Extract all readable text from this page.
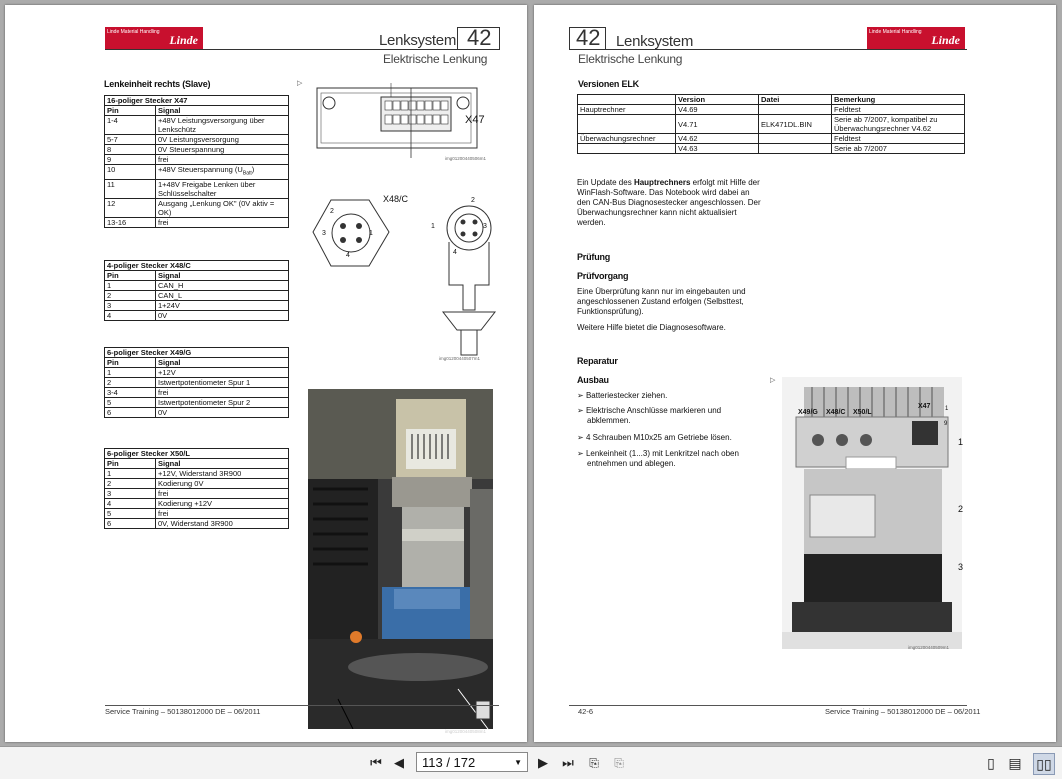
Linde Material Handling
Linde	Lenksystem 42
Elektrische Lenkung
Lenkeinheit rechts (Slave)	▷
16-poliger Stecker X47	
Pin	Signal
1-4	+48V Leistungsversorgung über Lenkschütz
5-7	0V Leistungsversorgung
8	0V Steuerspannung
9	frei
10	+48V Steuerspannung $(U_{Batt})$
11	1+48V Freigabe Lenken über Schlüsselschalter
12	Ausgang „Lenkung OK" (0V aktiv = OK)
13-16	frei
4-poliger Stecker X48/C	
Pin	Signal
1	CAN_H
2	CAN_L
3	1+24V
4	0V
6-poliger Stecker X49/G	
Pin	Signal
1	+12V
2	Istwertpotentiometer Spur 1
3-4	frei
5	Istwertpotentiometer Spur 2
6	0V
6-poliger Stecker X50/L	
Pin	Signal
1	+12V, Widerstand 3R900
2	Kodierung 0V
3	frei
4	Kodierung +12V
5	frei
6	0V, Widerstand 3R900
X47
img01200440506m1
X48/C
1
2
3
4
2
1	3
4
img01200440507m1
img01200440508m1
Service Training – 50138012000 DE – 06/2011
42 Lenksystem
Elektrische Lenkung
Linde Material Handling
Linde
Versionen ELK
	Version	Datei	Bemerkung
Hauptrechner	V4.69		Feldtest
	V4.71	ELK471DL.BIN	Serie ab 7/2007, kompatibel zu Überwachungsrechner V4.62
Überwachungsrechner	V4.62		Feldtest
	V4.63		Serie ab 7/2007
Ein Update des Hauptrechners erfolgt mit Hilfe der WinFlash-Software. Das Notebook wird dabei an den CAN-Bus Diagnosestecker angeschlossen. Der Überwachungsrechner kann nicht aktualisiert werden.
Prüfung
Prüfvorgang
Eine Überprüfung kann nur im eingebauten und angeschlossenen Zustand erfolgen (Selbsttest, Funktionsprüfung).
Weitere Hilfe bietet die Diagnosesoftware.
Reparatur
Ausbau	▷
➢ Batteriestecker ziehen.
➢ Elektrische Anschlüsse markieren und abklemmen.
➢ 4 Schrauben M10x25 am Getriebe lösen.
➢ Lenkeinheit (1...3) mit Lenkritzel nach oben entnehmen und ablegen.
X49/G X48/C X50/L
X47 1
9
1
2
3
img01200440509m1
42-6	Service Training – 50138012000 DE – 06/2011
⏮ ◀	113 / 172	▼ ▶	⏭	⎘	⎘	▯ ▤ ▯▯
